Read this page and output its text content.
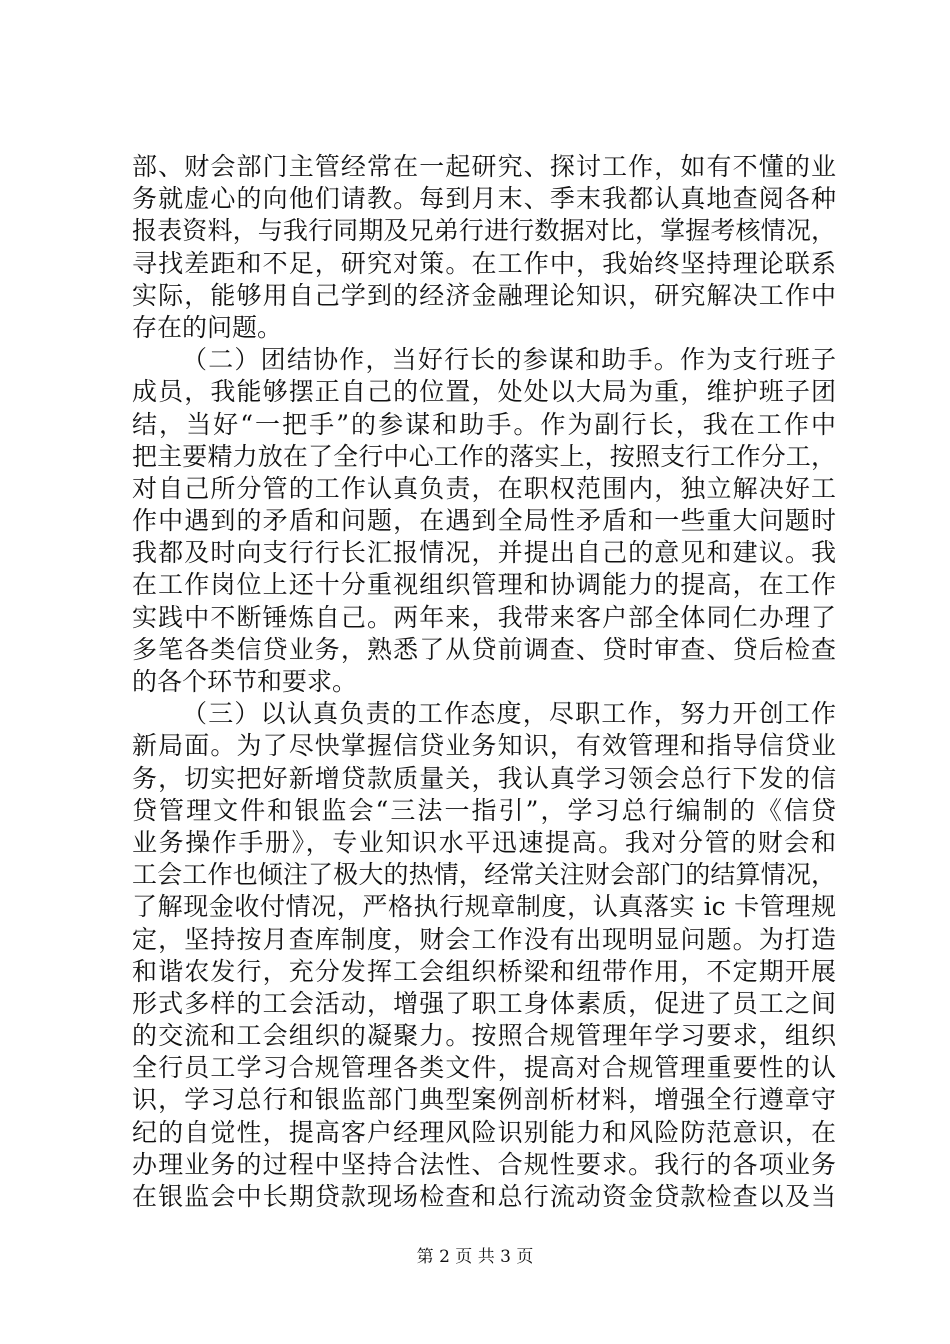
部、财会部门主管经常在一起研究、探讨工作，如有不懂的业
务就虚心的向他们请教。每到月末、季末我都认真地查阅各种
报表资料，与我行同期及兄弟行进行数据对比，掌握考核情况，
寻找差距和不足，研究对策。在工作中，我始终坚持理论联系
实际，能够用自己学到的经济金融理论知识，研究解决工作中
存在的问题。
（二）团结协作，当好行长的参谋和助手。作为支行班子
成员，我能够摆正自己的位置，处处以大局为重，维护班子团
结，当好“一把手”的参谋和助手。作为副行长，我在工作中
把主要精力放在了全行中心工作的落实上，按照支行工作分工，
对自己所分管的工作认真负责，在职权范围内，独立解决好工
作中遇到的矛盾和问题，在遇到全局性矛盾和一些重大问题时
我都及时向支行行长汇报情况，并提出自己的意见和建议。我
在工作岗位上还十分重视组织管理和协调能力的提高，在工作
实践中不断锤炼自己。两年来，我带来客户部全体同仁办理了
多笔各类信贷业务，熟悉了从贷前调查、贷时审查、贷后检查
的各个环节和要求。
（三）以认真负责的工作态度，尽职工作，努力开创工作
新局面。为了尽快掌握信贷业务知识，有效管理和指导信贷业
务，切实把好新增贷款质量关，我认真学习领会总行下发的信
贷管理文件和银监会“三法一指引”，学习总行编制的《信贷
业务操作手册》，专业知识水平迅速提高。我对分管的财会和
工会工作也倾注了极大的热情，经常关注财会部门的结算情况，
了解现金收付情况，严格执行规章制度，认真落实 ic 卡管理规
定，坚持按月查库制度，财会工作没有出现明显问题。为打造
和谐农发行，充分发挥工会组织桥梁和纽带作用，不定期开展
形式多样的工会活动，增强了职工身体素质，促进了员工之间
的交流和工会组织的凝聚力。按照合规管理年学习要求，组织
全行员工学习合规管理各类文件，提高对合规管理重要性的认
识，学习总行和银监部门典型案例剖析材料，增强全行遵章守
纪的自觉性，提高客户经理风险识别能力和风险防范意识，在
办理业务的过程中坚持合法性、合规性要求。我行的各项业务
在银监会中长期贷款现场检查和总行流动资金贷款检查以及当
第 2 页 共 3 页
